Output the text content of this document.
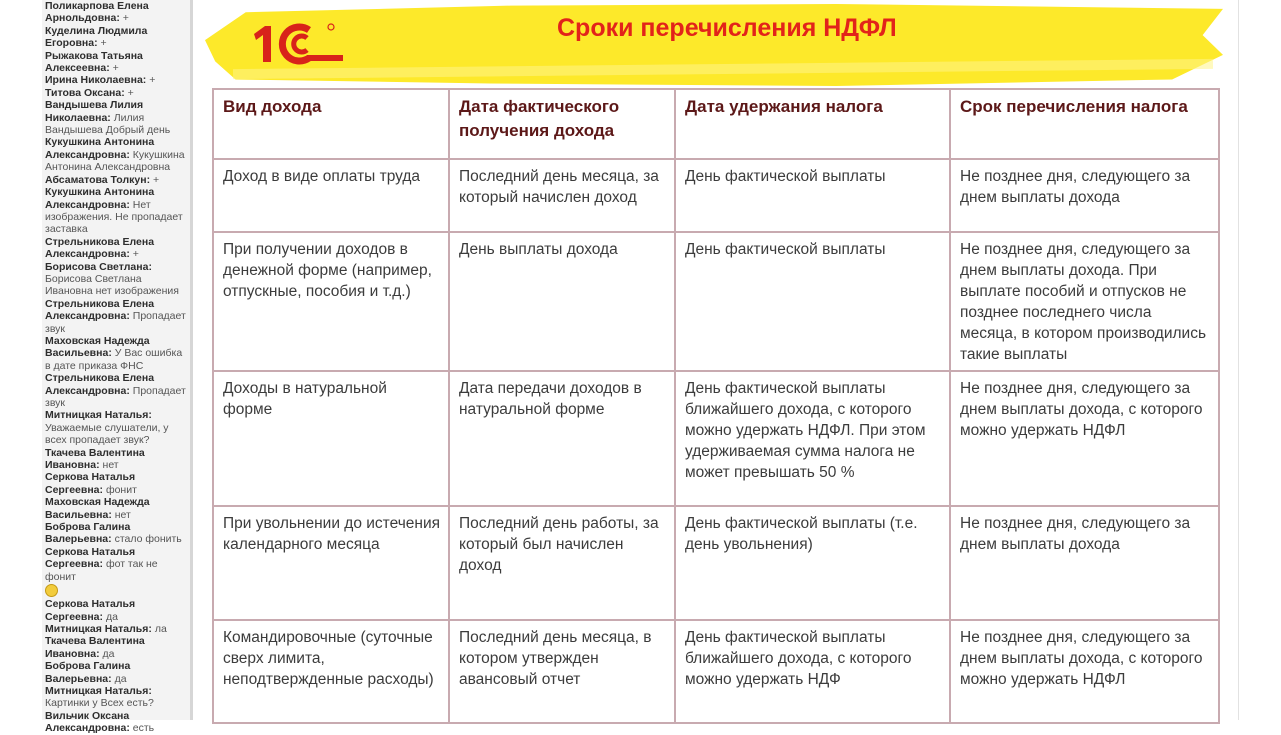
Поликарпова Елена Арнольдовна: +
Куделина Людмила Егоровна: +
Рыжакова Татьяна Алексеевна: +
Ирина Николаевна: +
Титова Оксана: +
Вандышева Лилия Николаевна: Лилия Вандышева Добрый день
Кукушкина Антонина Александровна: Кукушкина Антонина Александровна
Абсаматова Толкун: +
Кукушкина Антонина Александровна: Нет изображения. Не пропадает заставка
Стрельникова Елена Александровна: +
Борисова Светлана: Борисова Светлана Ивановна нет изображения
Стрельникова Елена Александровна: Пропадает звук
Маховская Надежда Васильевна: У Вас ошибка в дате приказа ФНС
Стрельникова Елена Александровна: Пропадает звук
Митницкая Наталья: Уважаемые слушатели, у всех пропадает звук?
Ткачева Валентина Ивановна: нет
Серкова Наталья Сергеевна: фонит
Маховская Надежда Васильевна: нет
Боброва Галина Валерьевна: стало фонить
Серкова Наталья Сергеевна: фот так не фонит

Серкова Наталья Сергеевна: да
Митницкая Наталья: ла
Ткачева Валентина Ивановна: да
Боброва Галина Валерьевна: да
Митницкая Наталья: Картинки у Всех есть?
Вильчик Оксана Александровна: есть
Сроки перечисления НДФЛ
Вид дохода	Дата фактического получения дохода	Дата удержания налога	Срок перечисления налога
Доход в виде оплаты труда	Последний день месяца, за который начислен доход	День фактической выплаты	Не позднее дня, следующего за днем выплаты дохода
При получении доходов в денежной форме (например, отпускные, пособия и т.д.)	День выплаты дохода	День фактической выплаты	Не позднее дня, следующего за днем выплаты дохода. При выплате пособий и отпусков не позднее последнего числа месяца, в котором производились такие выплаты
Доходы в натуральной форме	Дата передачи доходов в натуральной форме	День фактической выплаты ближайшего дохода, с которого можно удержать НДФЛ. При этом удерживаемая сумма налога не может превышать 50 %	Не позднее дня, следующего за днем выплаты дохода, с которого можно удержать НДФЛ
При увольнении до истечения календарного месяца	Последний день работы, за который был начислен доход	День фактической выплаты (т.е. день увольнения)	Не позднее дня, следующего за днем выплаты дохода
Командировочные (суточные сверх лимита, неподтвержденные расходы)	Последний день месяца, в котором утвержден авансовый отчет	День фактической выплаты ближайшего дохода, с которого можно удержать НДФ	Не позднее дня, следующего за днем выплаты дохода, с которого можно удержать НДФЛ
